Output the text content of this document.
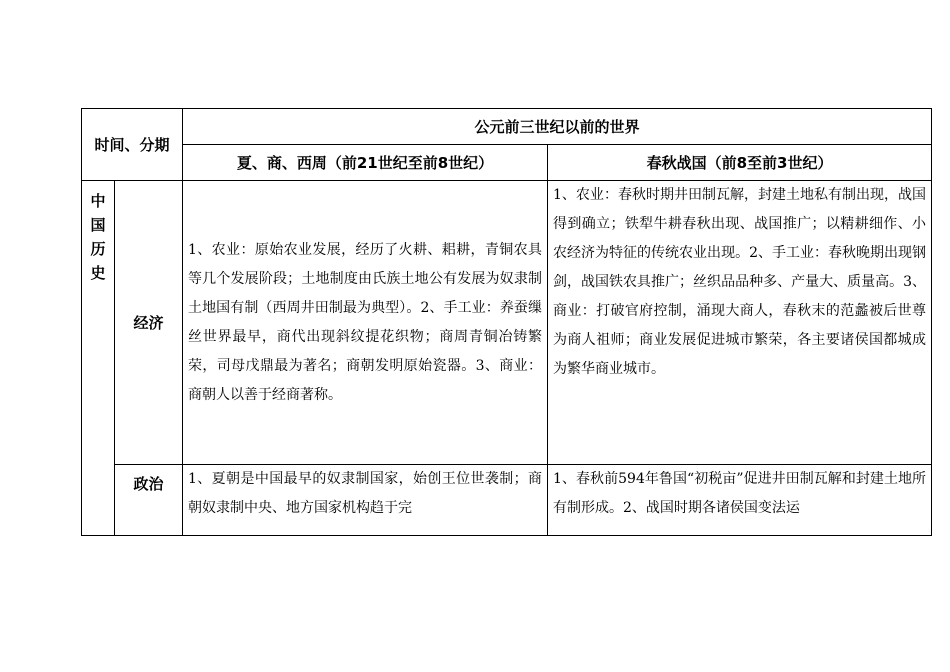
时间、分期		公元前三世纪以前的世界	
		夏、商、西周（前21世纪至前8世纪）	春秋战国（前8至前3世纪）

中
国
历
史	经济	1、农业：原始农业发展，经历了火耕、耜耕，青铜农具等几个发展阶段；土地制度由氏族土地公有发展为奴隶制土地国有制（西周井田制最为典型）。2、手工业：养蚕缫丝世界最早，商代出现斜纹提花织物；商周青铜冶铸繁荣，司母戊鼎最为著名；商朝发明原始瓷器。3、商业：商朝人以善于经商著称。	1、农业：春秋时期井田制瓦解，封建土地私有制出现，战国得到确立；铁犁牛耕春秋出现、战国推广；以精耕细作、小农经济为特征的传统农业出现。2、手工业：春秋晚期出现钢剑，战国铁农具推广；丝织品品种多、产量大、质量高。3、商业：打破官府控制，涌现大商人，春秋末的范蠡被后世尊为商人祖师；商业发展促进城市繁荣，各主要诸侯国都城成为繁华商业城市。
	政治	1、夏朝是中国最早的奴隶制国家，始创王位世袭制；商朝奴隶制中央、地方国家机构趋于完	1、春秋前594年鲁国“初税亩”促进井田制瓦解和封建土地所有制形成。2、战国时期各诸侯国变法运
